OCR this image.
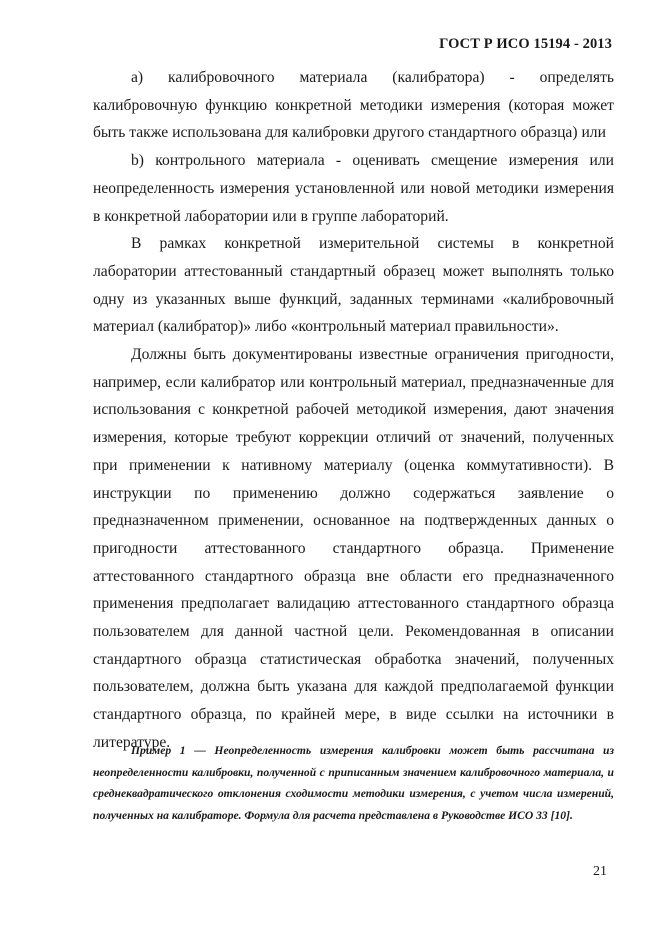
ГОСТ Р ИСО 15194 - 2013

a) калибровочного материала (калибратора) - определять калибровочную функцию конкретной методики измерения (которая может быть также использована для калибровки другого стандартного образца) или

b) контрольного материала - оценивать смещение измерения или неопределенность измерения установленной или новой методики измерения в конкретной лаборатории или в группе лабораторий.

В рамках конкретной измерительной системы в конкретной лаборатории аттестованный стандартный образец может выполнять только одну из указанных выше функций, заданных терминами «калибровочный материал (калибратор)» либо «контрольный материал правильности».

Должны быть документированы известные ограничения пригодности, например, если калибратор или контрольный материал, предназначенные для использования с конкретной рабочей методикой измерения, дают значения измерения, которые требуют коррекции отличий от значений, полученных при применении к нативному материалу (оценка коммутативности). В инструкции по применению должно содержаться заявление о предназначенном применении, основанное на подтвержденных данных о пригодности аттестованного стандартного образца. Применение аттестованного стандартного образца вне области его предназначенного применения предполагает валидацию аттестованного стандартного образца пользователем для данной частной цели. Рекомендованная в описании стандартного образца статистическая обработка значений, полученных пользователем, должна быть указана для каждой предполагаемой функции стандартного образца, по крайней мере, в виде ссылки на источники в литературе.

Пример 1 — Неопределенность измерения калибровки может быть рассчитана из неопределенности калибровки, полученной с приписанным значением калибровочного материала, и среднеквадратического отклонения сходимости методики измерения, с учетом числа измерений, полученных на калибраторе. Формула для расчета представлена в Руководстве ИСО 33 [10].

21
